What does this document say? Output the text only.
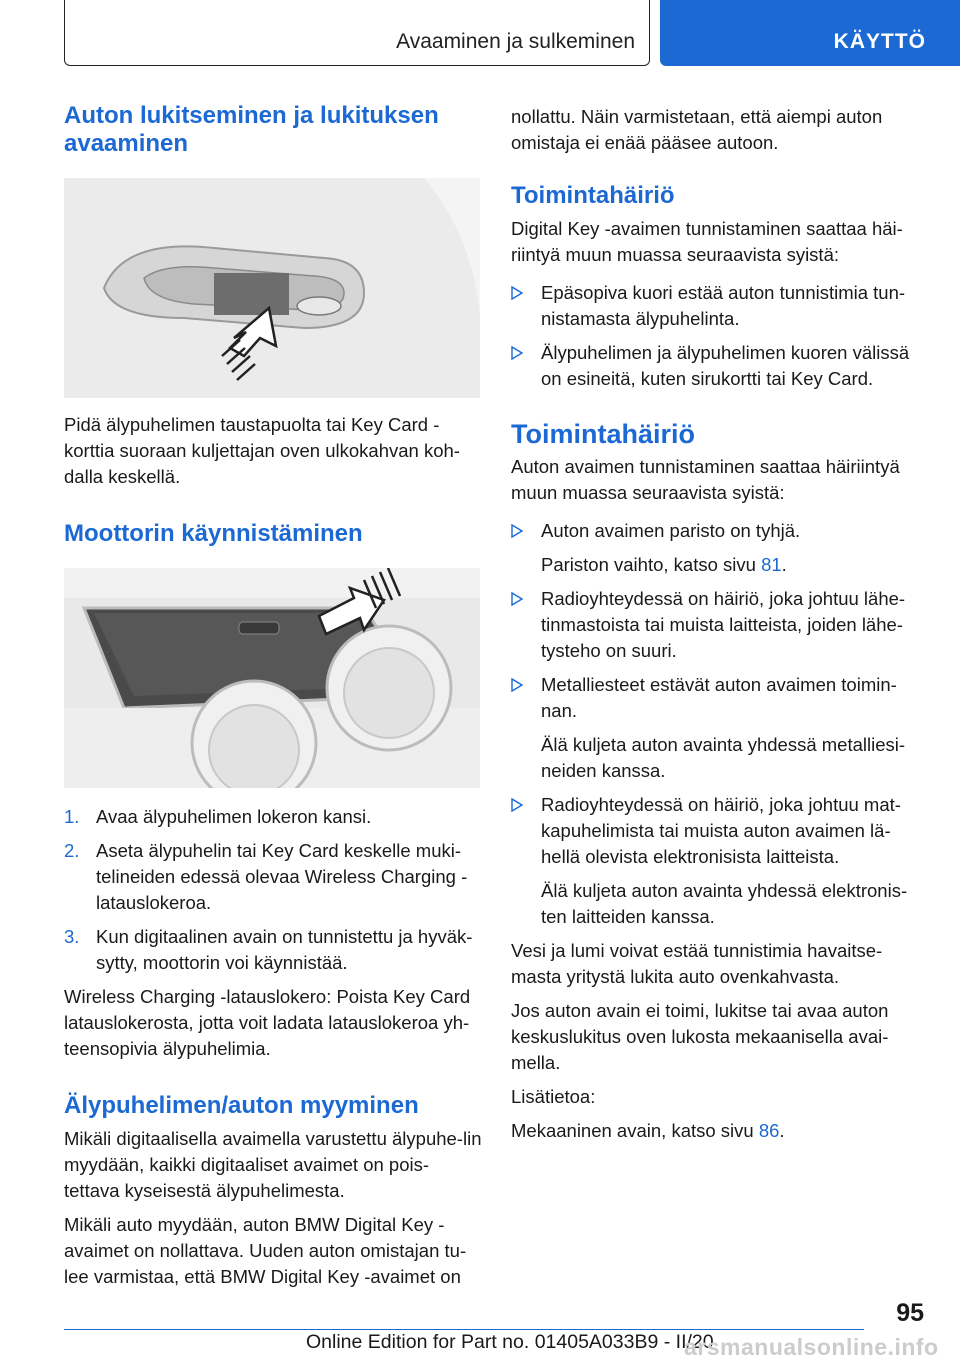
Avaaminen ja sulkeminen	KÄYTTÖ
Auton lukitseminen ja lukituksen avaaminen

Pidä älypuhelimen taustapuolta tai Key Card -korttia suoraan kuljettajan oven ulkokahvan koh-dalla keskellä.

Moottorin käynnistäminen
1. Avaa älypuhelimen lokeron kansi.
2. Aseta älypuhelin tai Key Card keskelle muki-telineiden edessä olevaa Wireless Charging -latauslokeroa.
3. Kun digitaalinen avain on tunnistettu ja hyväk-sytty, moottorin voi käynnistää.

Wireless Charging -latauslokero: Poista Key Card latauslokerosta, jotta voit ladata latauslokeroa yh-teensopivia älypuhelimia.

Älypuhelimen/auton myyminen

Mikäli digitaalisella avaimella varustettu älypuhe-lin myydään, kaikki digitaaliset avaimet on pois-tettava kyseisestä älypuhelimesta.

Mikäli auto myydään, auton BMW Digital Key -avaimet on nollattava. Uuden auton omistajan tu-lee varmistaa, että BMW Digital Key -avaimet on

nollattu. Näin varmistetaan, että aiempi auton omistaja ei enää pääsee autoon.

Toimintahäiriö

Digital Key -avaimen tunnistaminen saattaa häi-riintyä muun muassa seuraavista syistä:

Epäsopiva kuori estää auton tunnistimia tun-nistamasta älypuhelinta.
Älypuhelimen ja älypuhelimen kuoren välissä on esineitä, kuten sirukortti tai Key Card.
Toimintahäiriö

Auton avaimen tunnistaminen saattaa häiriintyä muun muassa seuraavista syistä:

Auton avaimen paristo on tyhjä.
Pariston vaihto, katso sivu 81.
Radioyhteydessä on häiriö, joka johtuu lähe-tinmastoista tai muista laitteista, joiden lähe-tysteho on suuri.
Metalliesteet estävät auton avaimen toimin-nan.
Älä kuljeta auton avainta yhdessä metalliesi-neiden kanssa.
Radioyhteydessä on häiriö, joka johtuu mat-kapuhelimista tai muista auton avaimen lä-hellä olevista elektronisista laitteista.
Älä kuljeta auton avainta yhdessä elektronis-ten laitteiden kanssa.

Vesi ja lumi voivat estää tunnistimia havaitse-masta yritystä lukita auto ovenkahvasta.

Jos auton avain ei toimi, lukitse tai avaa auton keskuslukitus oven lukosta mekaanisella avai-mella.

Lisätietoa:

Mekaaninen avain, katso sivu 86.

95
Online Edition for Part no. 01405A033B9 - II/20
arsmanualsonline.info
